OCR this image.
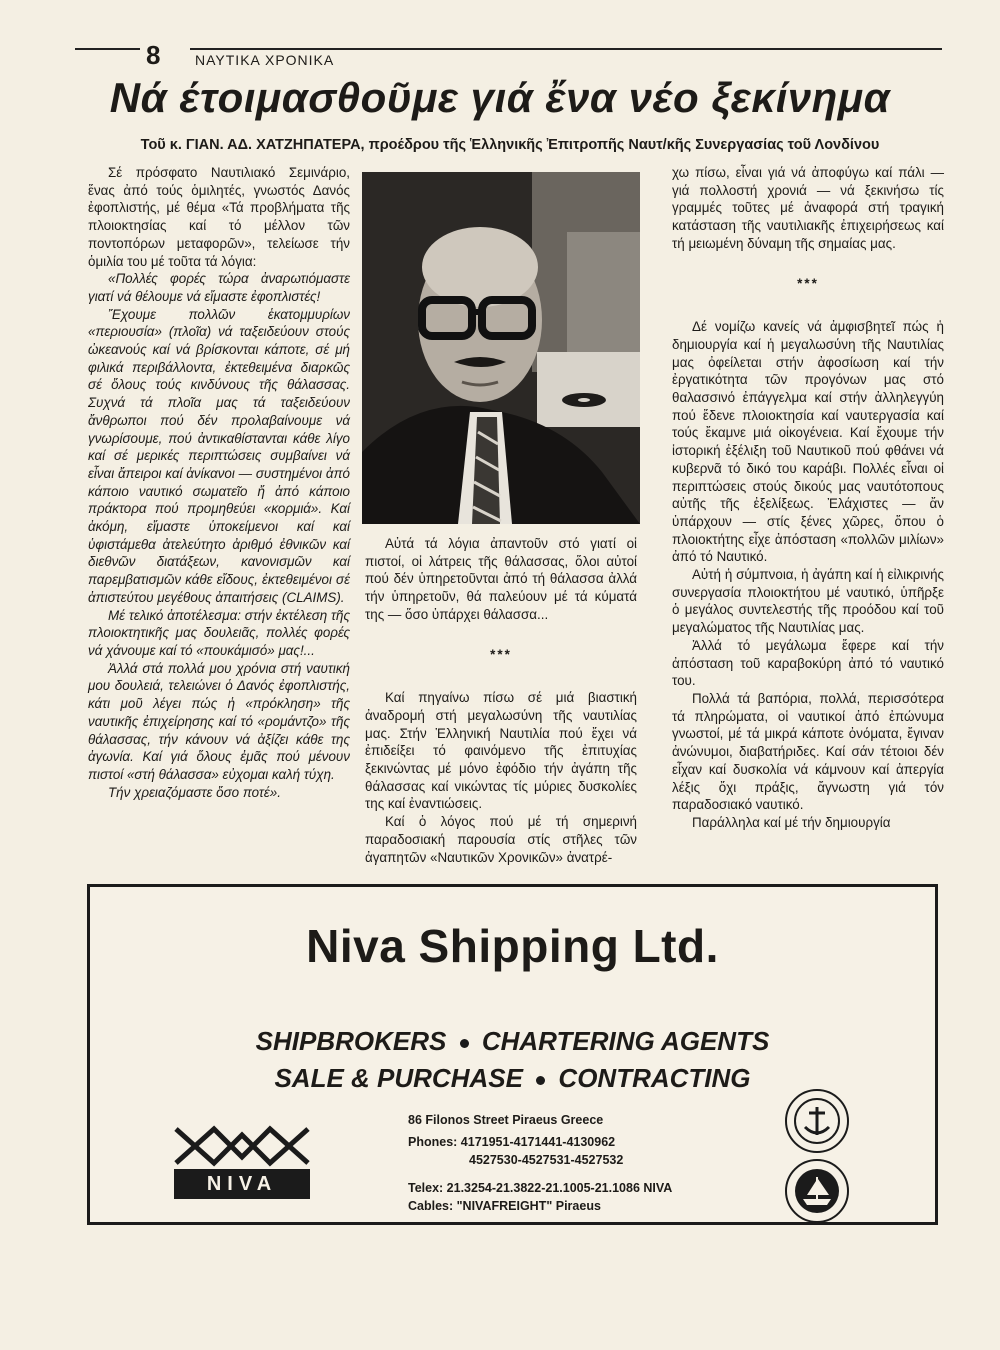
8 ΝΑΥΤΙΚΑ ΧΡΟΝΙΚΑ
Νά έτοιμασθοῦμε γιά ἔνα νέο ξεκίνημα
Τοῦ κ. ΓΙΑΝ. ΑΔ. ΧΑΤΖΗΠΑΤΕΡΑ, προέδρου τῆς Ἑλληνικῆς Ἐπιτροπῆς Ναυτ/κῆς Συνεργασίας τοῦ Λονδίνου

Σέ πρόσφατο Ναυτιλιακό Σεμινάριο, ἕνας ἀπό τούς ὁμιλητές, γνωστός Δανός ἐφοπλιστής, μέ θέμα «Τά προβλήματα τῆς πλοιοκτησίας καί τό μέλλον τῶν ποντοπόρων μεταφορῶν», τελείωσε τήν ὁμιλία του μέ τοῦτα τά λόγια:

«Πολλές φορές τώρα ἀναρωτιόμαστε γιατί νά θέλουμε νά εἴμαστε ἐφοπλιστές!

Ἔχουμε πολλῶν ἑκατομμυρίων «περιουσία» (πλοῖα) νά ταξειδεύουν στούς ὠκεανούς καί νά βρίσκονται κάποτε, σέ μή φιλικά περιβάλλοντα, ἐκτεθειμένα διαρκῶς σέ ὅλους τούς κινδύνους τῆς θάλασσας. Συχνά τά πλοῖα μας τά ταξειδεύουν ἄνθρωποι πού δέν προλαβαίνουμε νά γνωρίσουμε, πού ἀντικαθίστανται κάθε λίγο καί σέ μερικές περιπτώσεις συμβαίνει νά εἶναι ἄπειροι καί ἀνίκανοι — συστημένοι ἀπό κάποιο ναυτικό σωματεῖο ἤ ἀπό κάποιο πράκτορα πού προμηθεύει «κορμιά». Καί ἀκόμη, εἴμαστε ὑποκείμενοι καί καί ὑφιστάμεθα ἀτελεύτητο ἀριθμό ἐθνικῶν καί διεθνῶν διατάξεων, κανονισμῶν καί παρεμβατισμῶν κάθε εἴδους, ἐκτεθειμένοι σέ ἀπιστεύτου μεγέθους ἀπαιτήσεις (CLAIMS).

Μέ τελικό ἀποτέλεσμα: στήν ἐκτέλεση τῆς πλοιοκτητικῆς μας δουλειᾶς, πολλές φορές νά χάνουμε καί τό «πουκάμισό» μας!...

Ἀλλά στά πολλά μου χρόνια στή ναυτική μου δουλειά, τελειώνει ὁ Δανός ἐφοπλιστής, κάτι μοῦ λέγει πώς ἡ «πρόκληση» τῆς ναυτικῆς ἐπιχείρησης καί τό «ρομάντζο» τῆς θάλασσας, τήν κάνουν νά ἀξίζει κάθε της ἀγωνία. Καί γιά ὅλους ἐμᾶς πού μένουν πιστοί «στή θάλασσα» εὐχομαι καλή τύχη.

Τήν χρειαζόμαστε ὅσο ποτέ».

Αὐτά τά λόγια ἀπαντοῦν στό γιατί οἱ πιστοί, οἱ λάτρεις τῆς θάλασσας, ὅλοι αὐτοί πού δέν ὑπηρετοῦνται ἀπό τή θάλασσα ἀλλά τήν ὑπηρετοῦν, θά παλεύουν μέ τά κύματά της — ὅσο ὑπάρχει θάλασσα...

***

Καί πηγαίνω πίσω σέ μιά βιαστική ἀναδρομή στή μεγαλωσύνη τῆς ναυτιλίας μας. Στήν Ἑλληνική Ναυτιλία πού ἔχει νά ἐπιδείξει τό φαινόμενο τῆς ἐπιτυχίας ξεκινώντας μέ μόνο ἐφόδιο τήν ἀγάπη τῆς θάλασσας καί νικώντας τίς μύριες δυσκολίες της καί ἐναντιώσεις.

Καί ὁ λόγος πού μέ τή σημερινή παραδοσιακή παρουσία στίς στῆλες τῶν ἀγαπητῶν «Ναυτικῶν Χρονικῶν» ἀνατρέ-

χω πίσω, εἶναι γιά νά ἀποφύγω καί πάλι — γιά πολλοστή χρονιά — νά ξεκινήσω τίς γραμμές τοῦτες μέ ἀναφορά στή τραγική κατάσταση τῆς ναυτιλιακῆς ἐπιχειρήσεως καί τή μειωμένη δύναμη τῆς σημαίας μας.

***

Δέ νομίζω κανείς νά ἀμφισβητεῖ πώς ἡ δημιουργία καί ἡ μεγαλωσύνη τῆς Ναυτιλίας μας ὀφείλεται στήν ἀφοσίωση καί τήν ἐργατικότητα τῶν προγόνων μας στό θαλασσινό ἐπάγγελμα καί στήν ἀλληλεγγύη πού ἔδενε πλοιοκτησία καί ναυτεργασία καί τούς ἔκαμνε μιά οἰκογένεια. Καί ἔχουμε τήν ἱστορική ἐξέλιξη τοῦ Ναυτικοῦ πού φθάνει νά κυβερνᾶ τό δικό του καράβι. Πολλές εἶναι οἱ περιπτώσεις στούς δικούς μας ναυτότοπους αὐτῆς τῆς ἐξελίξεως. Ἐλάχιστες — ἄν ὑπάρχουν — στίς ξένες χῶρες, ὅπου ὁ πλοιοκτήτης εἶχε ἀπόσταση «πολλῶν μιλίων» ἀπό τό Ναυτικό.

Αὐτή ἡ σύμπνοια, ἡ ἀγάπη καί ἡ εἰλικρινής συνεργασία πλοιοκτήτου μέ ναυτικό, ὑπῆρξε ὁ μεγάλος συντελεστής τῆς προόδου καί τοῦ μεγαλώματος τῆς Ναυτιλίας μας.

Ἀλλά τό μεγάλωμα ἔφερε καί τήν ἀπόσταση τοῦ καραβοκύρη ἀπό τό ναυτικό του.

Πολλά τά βαπόρια, πολλά, περισσότερα τά πληρώματα, οἱ ναυτικοί ἀπό ἐπώνυμα γνωστοί, μέ τά μικρά κάποτε ὀνόματα, ἔγιναν ἀνώνυμοι, διαβατήριδες. Καί σάν τέτοιοι δέν εἶχαν καί δυσκολία νά κάμνουν καί ἀπεργία λέξις ὄχι πράξις, ἄγνωστη γιά τόν παραδοσιακό ναυτικό.

Παράλληλα καί μέ τήν δημιουργία

Niva Shipping Ltd.
SHIPBROKERS CHARTERING AGENTS
SALE & PURCHASE CONTRACTING
NIVA
86 Filonos Street Piraeus Greece
Phones: 4171951-4171441-4130962
4527530-4527531-4527532
Telex: 21.3254-21.3822-21.1005-21.1086 NIVA
Cables: "NIVAFREIGHT" Piraeus
